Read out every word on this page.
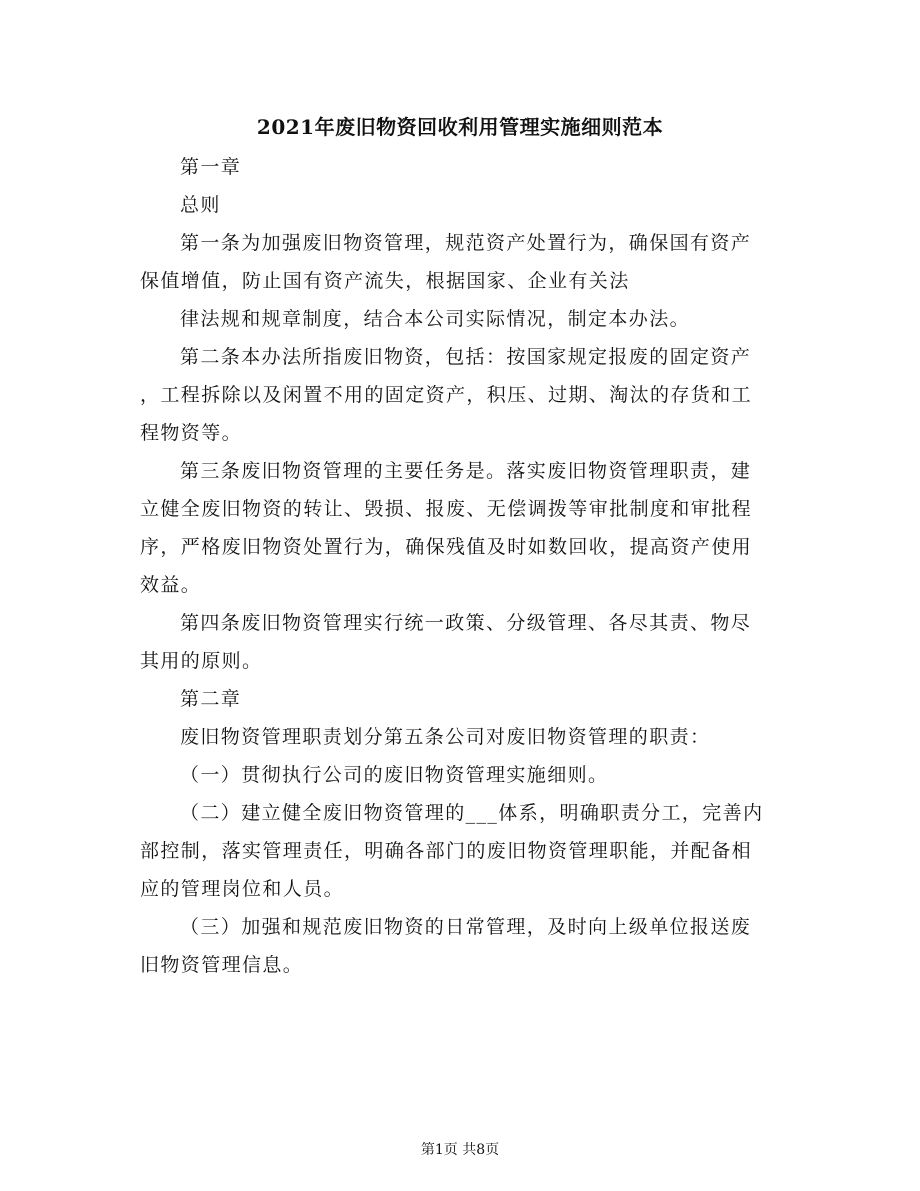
2021年废旧物资回收利用管理实施细则范本
第一章
总则
第一条为加强废旧物资管理，规范资产处置行为，确保国有资产
保值增值，防止国有资产流失，根据国家、企业有关法
律法规和规章制度，结合本公司实际情况，制定本办法。
第二条本办法所指废旧物资，包括：按国家规定报废的固定资产
，工程拆除以及闲置不用的固定资产，积压、过期、淘汰的存货和工
程物资等。
第三条废旧物资管理的主要任务是。落实废旧物资管理职责，建
立健全废旧物资的转让、毁损、报废、无偿调拨等审批制度和审批程
序，严格废旧物资处置行为，确保残值及时如数回收，提高资产使用
效益。
第四条废旧物资管理实行统一政策、分级管理、各尽其责、物尽
其用的原则。
第二章
废旧物资管理职责划分第五条公司对废旧物资管理的职责：
（一）贯彻执行公司的废旧物资管理实施细则。
（二）建立健全废旧物资管理的___体系，明确职责分工，完善内
部控制，落实管理责任，明确各部门的废旧物资管理职能，并配备相
应的管理岗位和人员。
（三）加强和规范废旧物资的日常管理，及时向上级单位报送废
旧物资管理信息。
第1页 共8页
